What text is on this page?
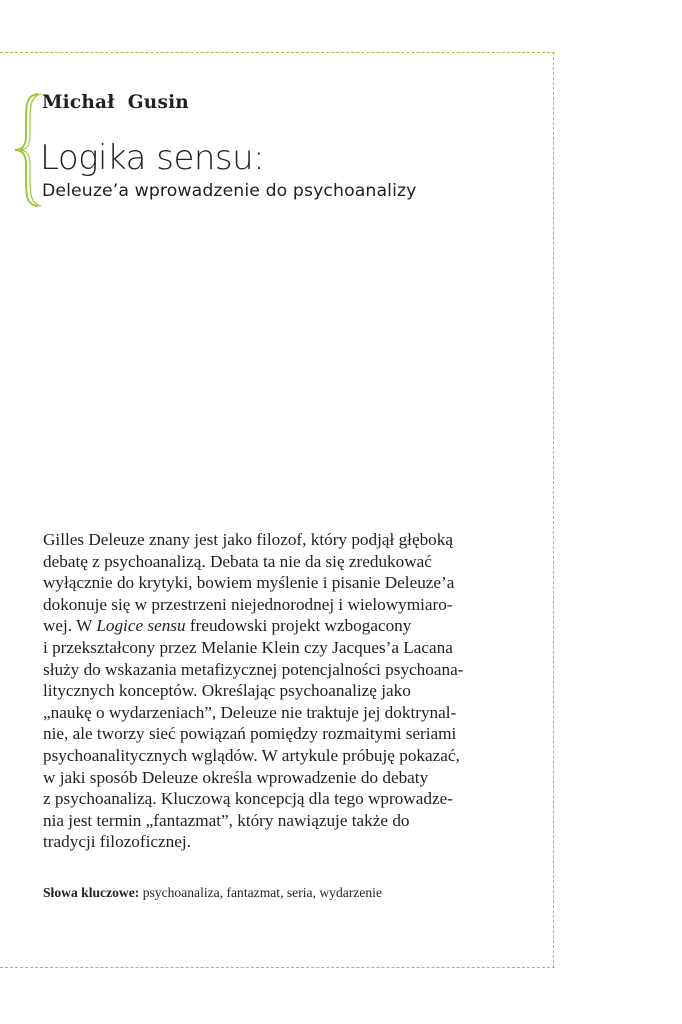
Michał  Gusin
Logika sensu:
Deleuze’a wprowadzenie do psychoanalizy
Gilles Deleuze znany jest jako filozof, który podjął głęboką
debatę z psychoanalizą. Debata ta nie da się zredukować
wyłącznie do krytyki, bowiem myślenie i pisanie Deleuze’a
dokonuje się w przestrzeni niejednorodnej i wielowymiaro-
wej. W Logice sensu freudowski projekt wzbogacony
i przekształcony przez Melanie Klein czy Jacques’a Lacana
służy do wskazania metafizycznej potencjalności psychoana-
litycznych konceptów. Określając psychoanalizę jako
„naukę o wydarzeniach”, Deleuze nie traktuje jej doktrynal-
nie, ale tworzy sieć powiązań pomiędzy rozmaitymi seriami
psychoanalitycznych wglądów. W artykule próbuję pokazać,
w jaki sposób Deleuze określa wprowadzenie do debaty
z psychoanalizą. Kluczową koncepcją dla tego wprowadze-
nia jest termin „fantazmat”, który nawiązuje także do
tradycji filozoficznej.
Słowa kluczowe: psychoanaliza, fantazmat, seria, wydarzenie
